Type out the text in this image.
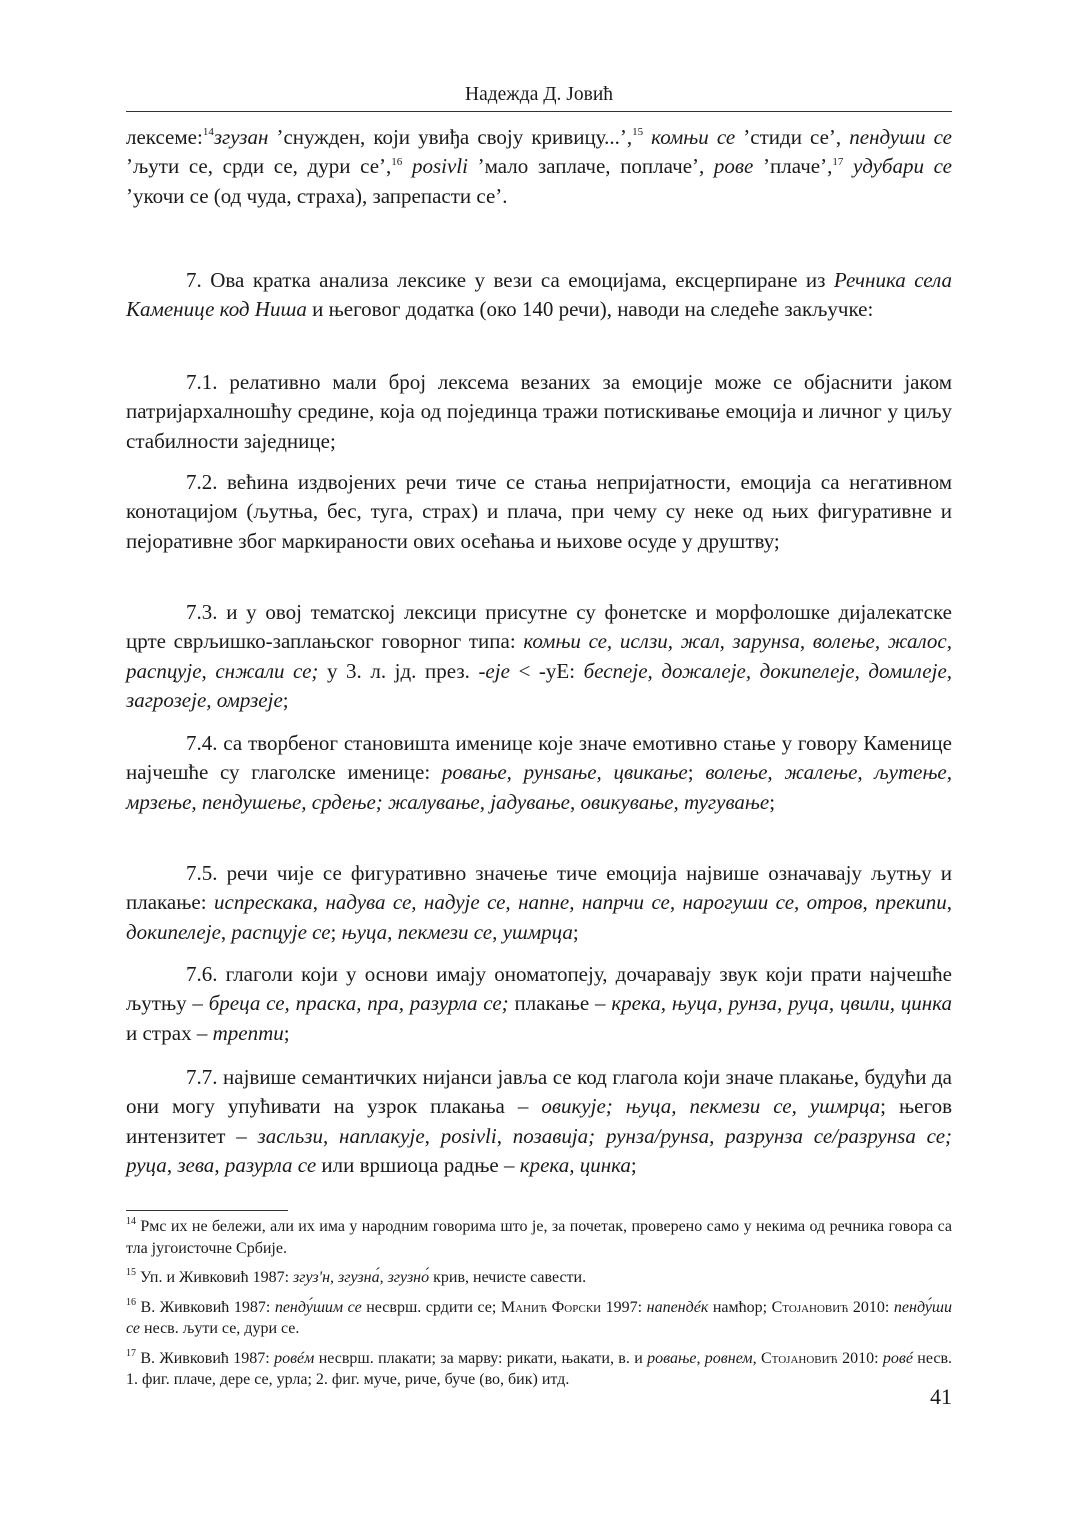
Надежда Д. Јовић

лексеме:$^{14}$згузан ’снужден, који увиђа своју кривицу...’,$^{15}$ комњи се ’стиди се’, пендуши се ’љути се, срди се, дури се’,$^{16}$ posivli ’мало заплаче, поплаче’, рове ’плаче’,$^{17}$ удубари се ’укочи се (од чуда, страха), запрепасти се’.

7. Ова кратка анализа лексике у вези са емоцијама, ексцерпиране из Речника села Каменице код Ниша и његовог додатка (око 140 речи), наводи на следеће закључке:

7.1. релативно мали број лексема везаних за емоције може се објаснити јаком патријархалношћу средине, која од појединца тражи потискивање емоција и личног у циљу стабилности заједнице;

7.2. већина издвојених речи тиче се стања непријатности, емоција са негативном конотацијом (љутња, бес, туга, страх) и плача, при чему су неке од њих фигуративне и пејоративне због маркираности ових осећања и њихове осуде у друштву;

7.3. и у овој тематској лексици присутне су фонетске и морфолошке дијалекатске црте сврљишко-заплањског говорног типа: комњи се, ислзи, жал, зарунsа, волење, жалос, распцује, снжали се; у 3. л. јд. през. -еје < -уЕ: бесneје, дожалеје, докипелеје, домилеје, загрозеје, омрзеје;

7.4. са творбеног становишта именице које значе емотивно стање у говору Каменице најчешће су глаголске именице: ровање, рунsање, цвикање; волење, жалење, љутење, мрзење, пендушење, срдење; жалување, јадување, овикување, тугување;

7.5. речи чије се фигуративно значење тиче емоција највише означавају љутњу и плакање: испрескака, надува се, надује се, напне, напрчи се, нарогуши се, отров, прекипи, докипелеје, распцује се; њуца, пекмези се, ушмрца;

7.6. глаголи који у основи имају ономатопеју, дочаравају звук који прати најчешће љутњу – бреца се, праска, пра, разурла се; плакање – крека, њуца, рунза, руца, цвили, цинка и страх – трепти;

7.7. највише семантичких нијанси јавља се код глагола који значе плакање, будући да они могу упућивати на узрок плакања – овикује; њуца, пекмези се, ушмрца; његов интензитет – засльзи, наплакује, posivli, позавија; рунза/рунsа, разрунза се/разрунsа се; руца, зева, разурла се или вршиоца радње – крека, цинка;

$^{14}$ Рмс их не бележи, али их има у народним говорима што је, за почетак, проверено само у некима од речника говора са тла југоисточне Србије.

$^{15}$ Уп. и Живковић 1987: згуз'н, згузна́, згузно́ крив, нечисте савести.

$^{16}$ В. Живковић 1987: пенду́шим се несврш. срдити се; Манић Форски 1997: напендéк намћор; Стојановић 2010: пенду́ши се несв. љути се, дури се.

$^{17}$ В. Живковић 1987: ровéм несврш. плакати; за марву: рикати, њакати, в. и ровање, ровнем, Стојановић 2010: ровé несв. 1. фиг. плаче, дере се, урла; 2. фиг. муче, риче, буче (во, бик) итд.

41
